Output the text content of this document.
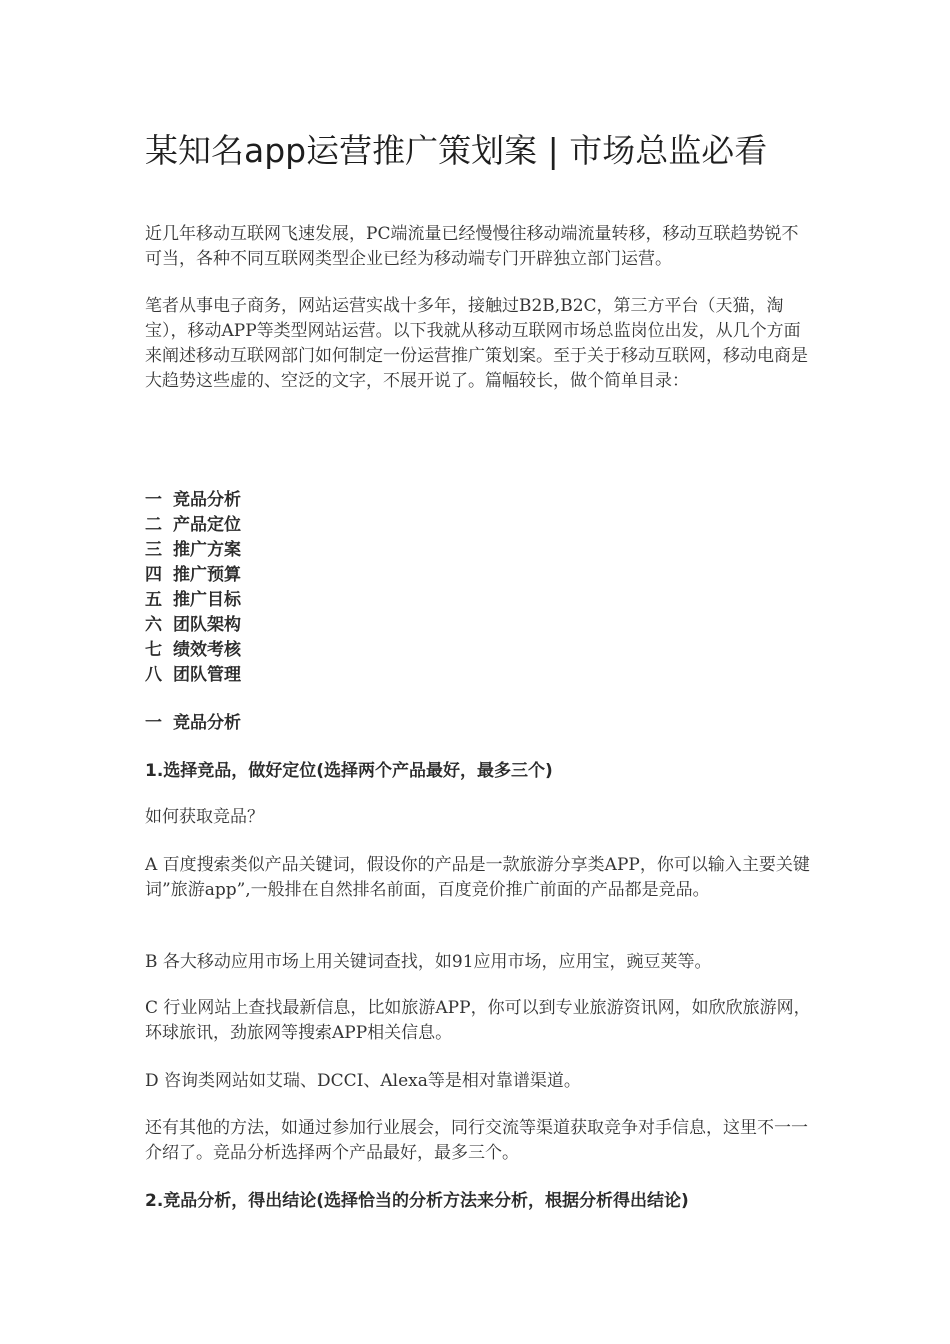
某知名app运营推广策划案 | 市场总监必看

近几年移动互联网飞速发展，PC端流量已经慢慢往移动端流量转移，移动互联趋势锐不可当，各种不同互联网类型企业已经为移动端专门开辟独立部门运营。

笔者从事电子商务，网站运营实战十多年，接触过B2B,B2C，第三方平台（天猫，淘宝），移动APP等类型网站运营。以下我就从移动互联网市场总监岗位出发，从几个方面来阐述移动互联网部门如何制定一份运营推广策划案。至于关于移动互联网，移动电商是大趋势这些虚的、空泛的文字，不展开说了。篇幅较长，做个简单目录：

一 竞品分析
二 产品定位
三 推广方案
四 推广预算
五 推广目标
六 团队架构
七 绩效考核
八 团队管理

一 竞品分析

1.选择竞品，做好定位(选择两个产品最好，最多三个)

如何获取竞品？

A 百度搜索类似产品关键词，假设你的产品是一款旅游分享类APP，你可以输入主要关键词”旅游app”,一般排在自然排名前面，百度竞价推广前面的产品都是竞品。

B 各大移动应用市场上用关键词查找，如91应用市场，应用宝，豌豆荚等。

C 行业网站上查找最新信息，比如旅游APP，你可以到专业旅游资讯网，如欣欣旅游网，环球旅讯，劲旅网等搜索APP相关信息。

D 咨询类网站如艾瑞、DCCI、Alexa等是相对靠谱渠道。

还有其他的方法，如通过参加行业展会，同行交流等渠道获取竞争对手信息，这里不一一介绍了。竞品分析选择两个产品最好，最多三个。

2.竞品分析，得出结论(选择恰当的分析方法来分析，根据分析得出结论)
